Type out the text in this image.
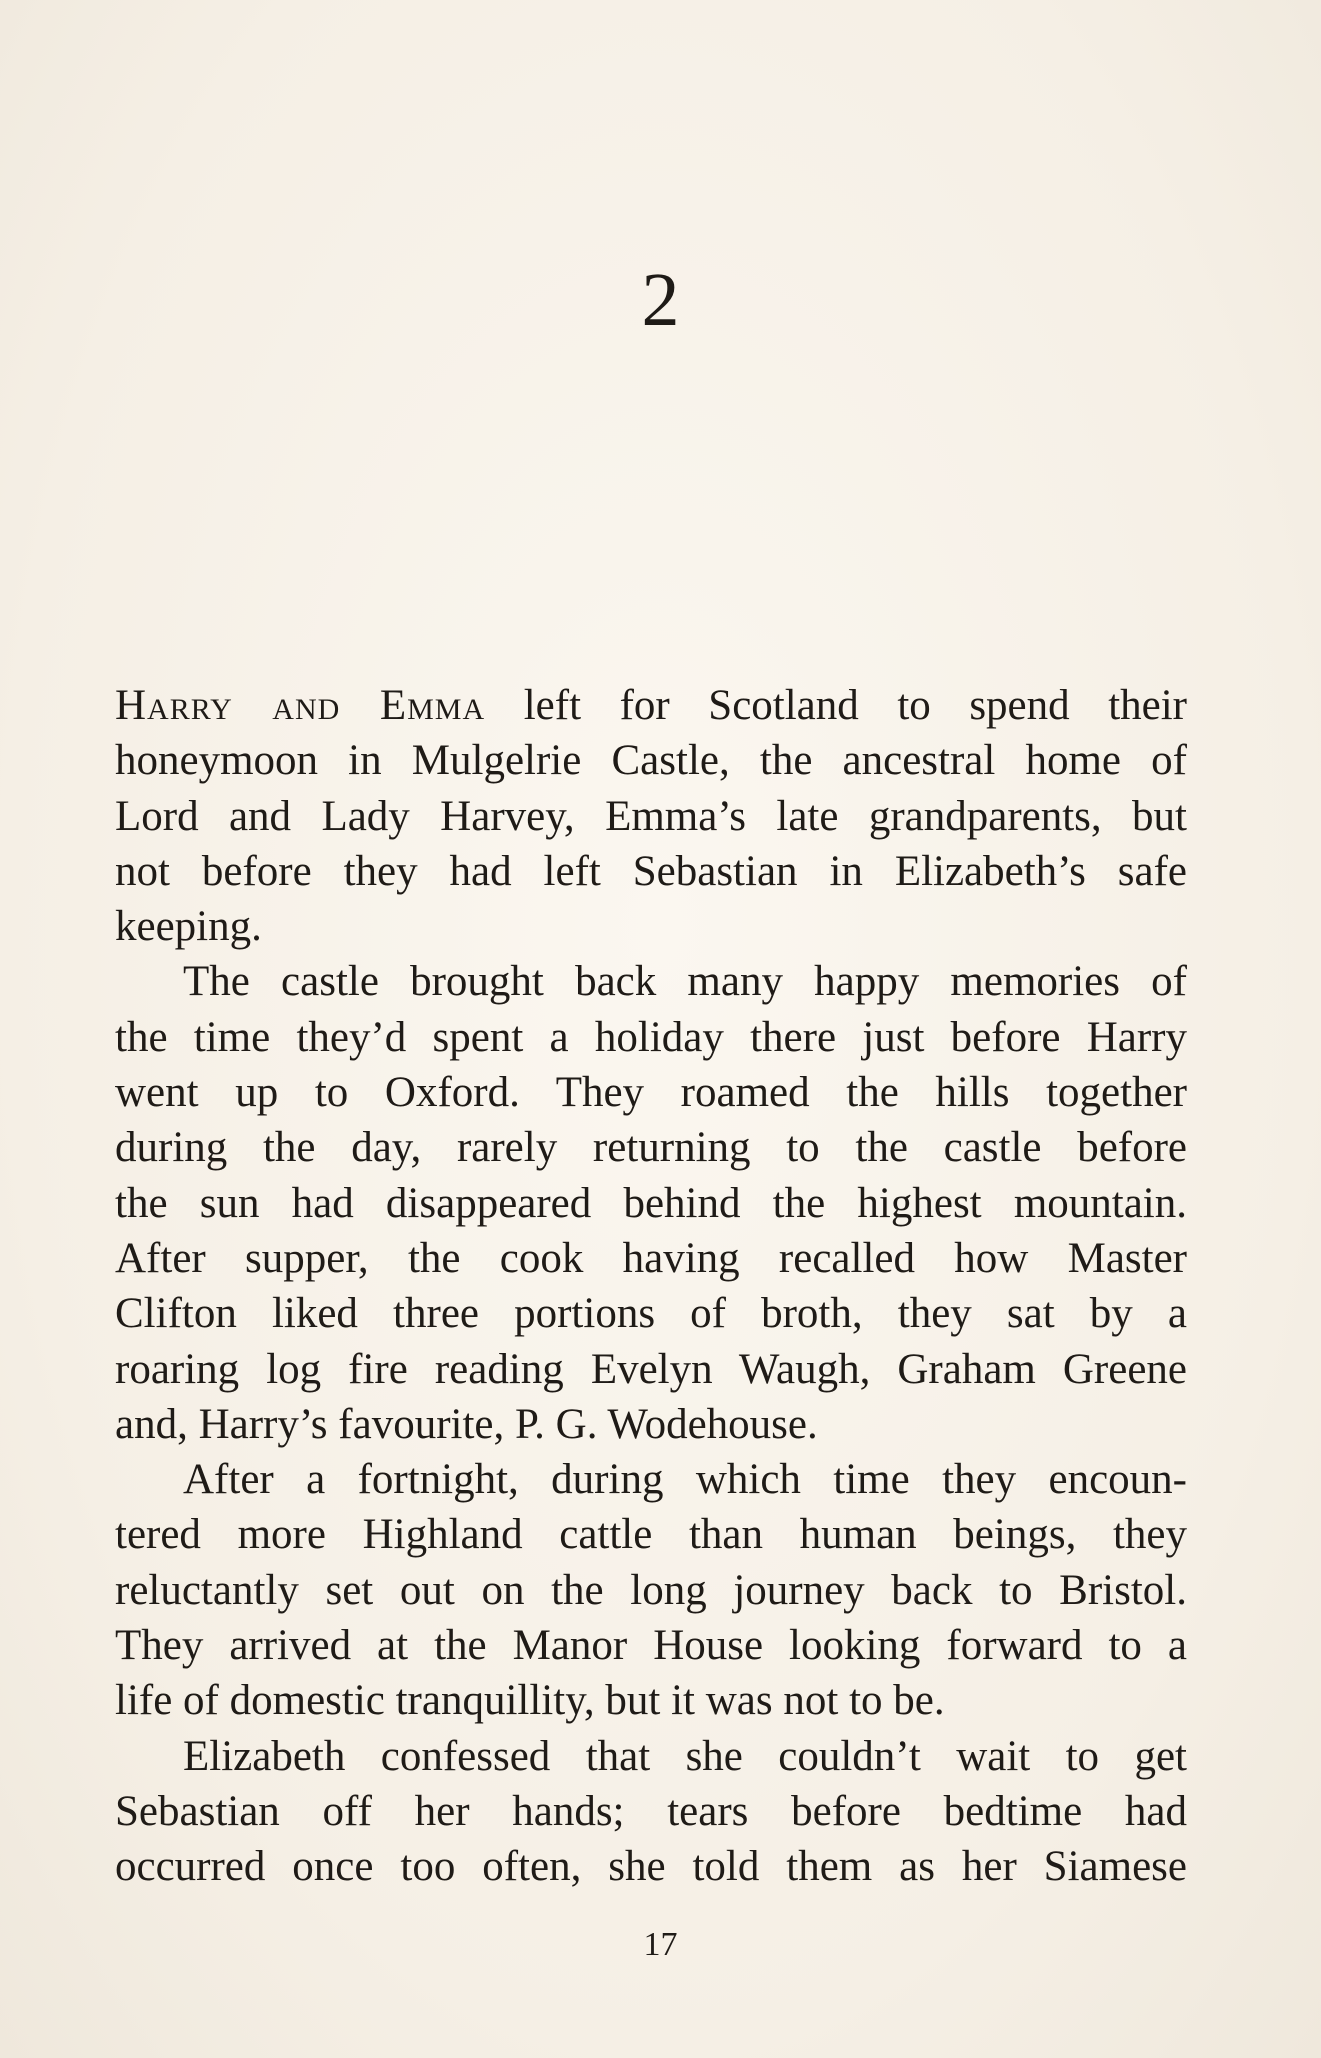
2
Harry and Emma left for Scotland to spend their
honeymoon in Mulgelrie Castle, the ancestral home of
Lord and Lady Harvey, Emma’s late grandparents, but
not before they had left Sebastian in Elizabeth’s safe
keeping.
The castle brought back many happy memories of
the time they’d spent a holiday there just before Harry
went up to Oxford. They roamed the hills together
during the day, rarely returning to the castle before
the sun had disappeared behind the highest mountain.
After supper, the cook having recalled how Master
Clifton liked three portions of broth, they sat by a
roaring log fire reading Evelyn Waugh, Graham Greene
and, Harry’s favourite, P. G. Wodehouse.
After a fortnight, during which time they encoun-
tered more Highland cattle than human beings, they
reluctantly set out on the long journey back to Bristol.
They arrived at the Manor House looking forward to a
life of domestic tranquillity, but it was not to be.
Elizabeth confessed that she couldn’t wait to get
Sebastian off her hands; tears before bedtime had
occurred once too often, she told them as her Siamese
17
